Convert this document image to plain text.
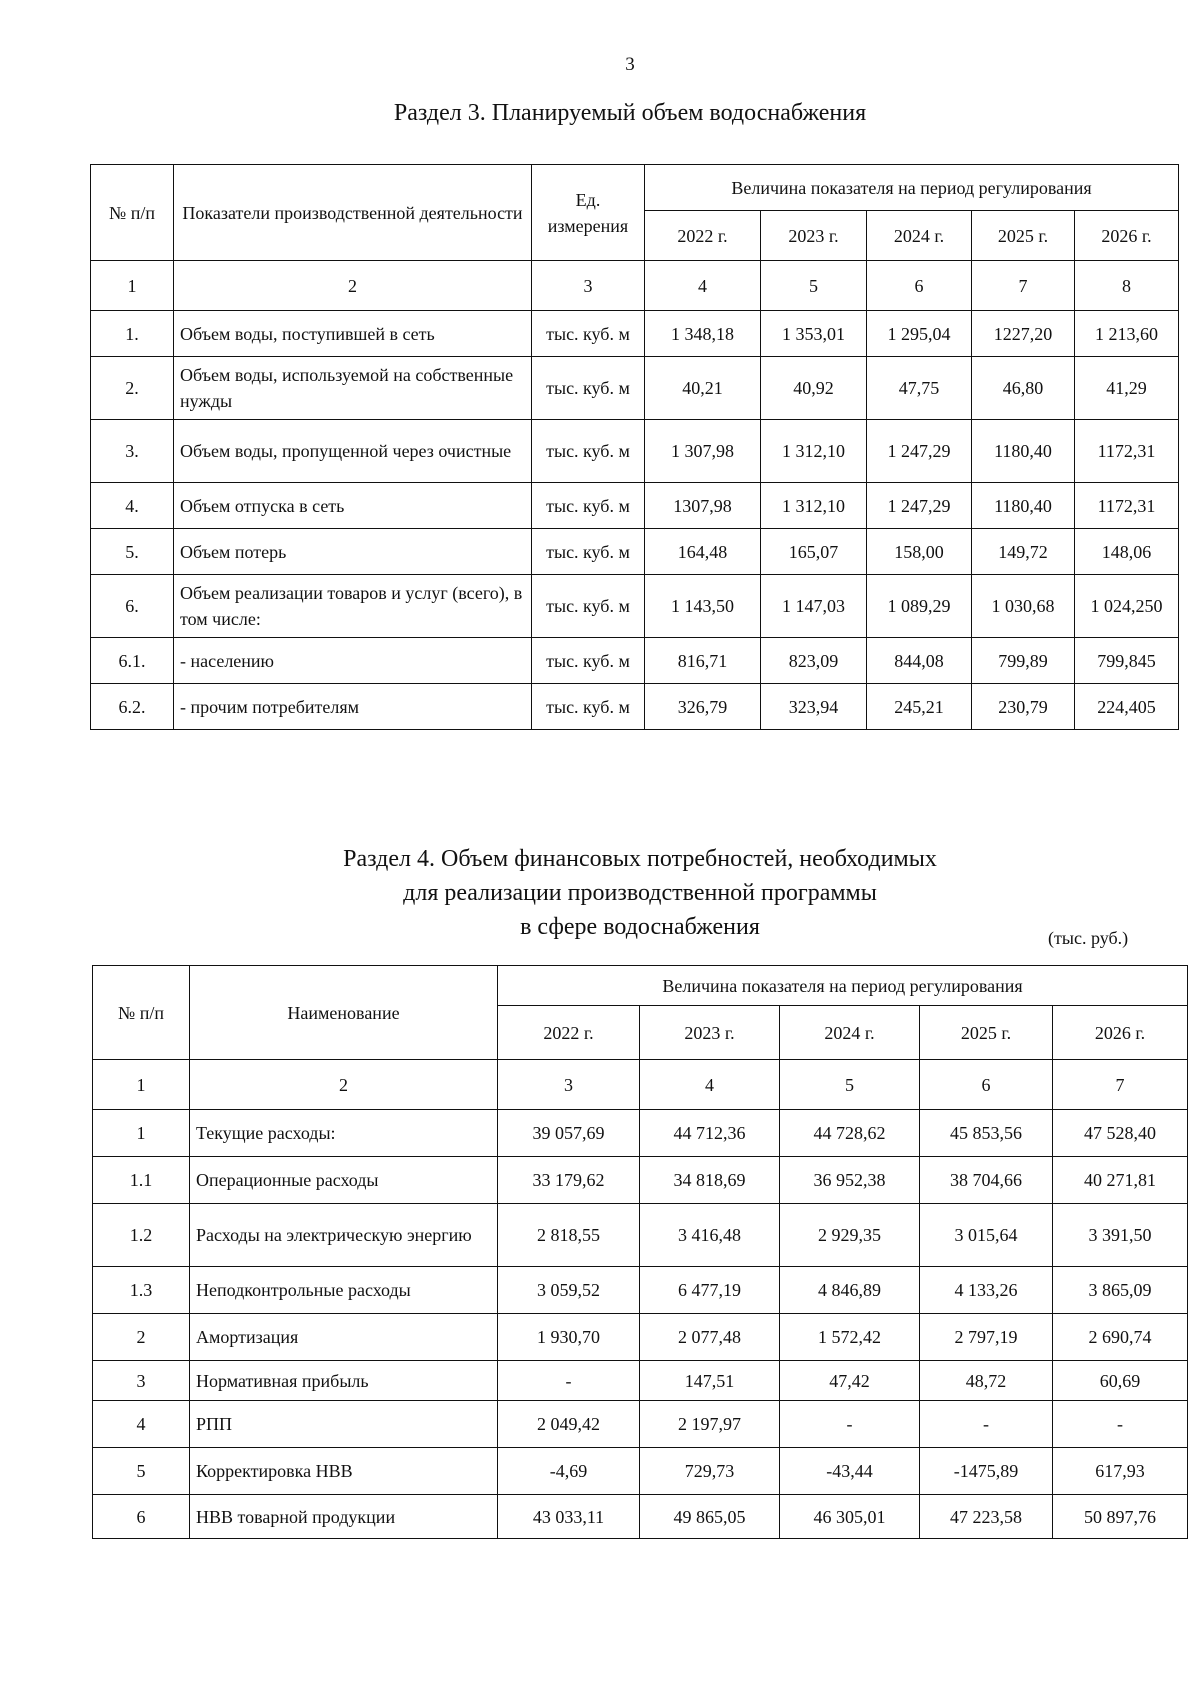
3
Раздел 3. Планируемый объем водоснабжения
№ п/п	Показатели производственной деятельности	Ед. измерения	Величина показателя на период регулирования				
			2022 г.	2023 г.	2024 г.	2025 г.	2026 г.
1	2	3	4	5	6	7	8
1.	Объем воды, поступившей в сеть	тыс. куб. м	1 348,18	1 353,01	1 295,04	1227,20	1 213,60
2.	Объем воды, используемой на собственные нужды	тыс. куб. м	40,21	40,92	47,75	46,80	41,29
3.	Объем воды, пропущенной через очистные	тыс. куб. м	1 307,98	1 312,10	1 247,29	1180,40	1172,31
4.	Объем отпуска в сеть	тыс. куб. м	1307,98	1 312,10	1 247,29	1180,40	1172,31
5.	Объем потерь	тыс. куб. м	164,48	165,07	158,00	149,72	148,06
6.	Объем реализации товаров и услуг (всего), в том числе:	тыс. куб. м	1 143,50	1 147,03	1 089,29	1 030,68	1 024,250
6.1.	- населению	тыс. куб. м	816,71	823,09	844,08	799,89	799,845
6.2.	- прочим потребителям	тыс. куб. м	326,79	323,94	245,21	230,79	224,405
Раздел 4. Объем финансовых потребностей, необходимых
для реализации производственной программы
в сфере водоснабжения	(тыс. руб.)
№ п/п	Наименование	Величина показателя на период регулирования				
		2022 г.	2023 г.	2024 г.	2025 г.	2026 г.
1	2	3	4	5	6	7
1	Текущие расходы:	39 057,69	44 712,36	44 728,62	45 853,56	47 528,40
1.1	Операционные расходы	33 179,62	34 818,69	36 952,38	38 704,66	40 271,81
1.2	Расходы на электрическую энергию	2 818,55	3 416,48	2 929,35	3 015,64	3 391,50
1.3	Неподконтрольные расходы	3 059,52	6 477,19	4 846,89	4 133,26	3 865,09
2	Амортизация	1 930,70	2 077,48	1 572,42	2 797,19	2 690,74
3	Нормативная прибыль	-	147,51	47,42	48,72	60,69
4	РПП	2 049,42	2 197,97	-	-	-
5	Корректировка НВВ	-4,69	729,73	-43,44	-1475,89	617,93
6	НВВ товарной продукции	43 033,11	49 865,05	46 305,01	47 223,58	50 897,76
